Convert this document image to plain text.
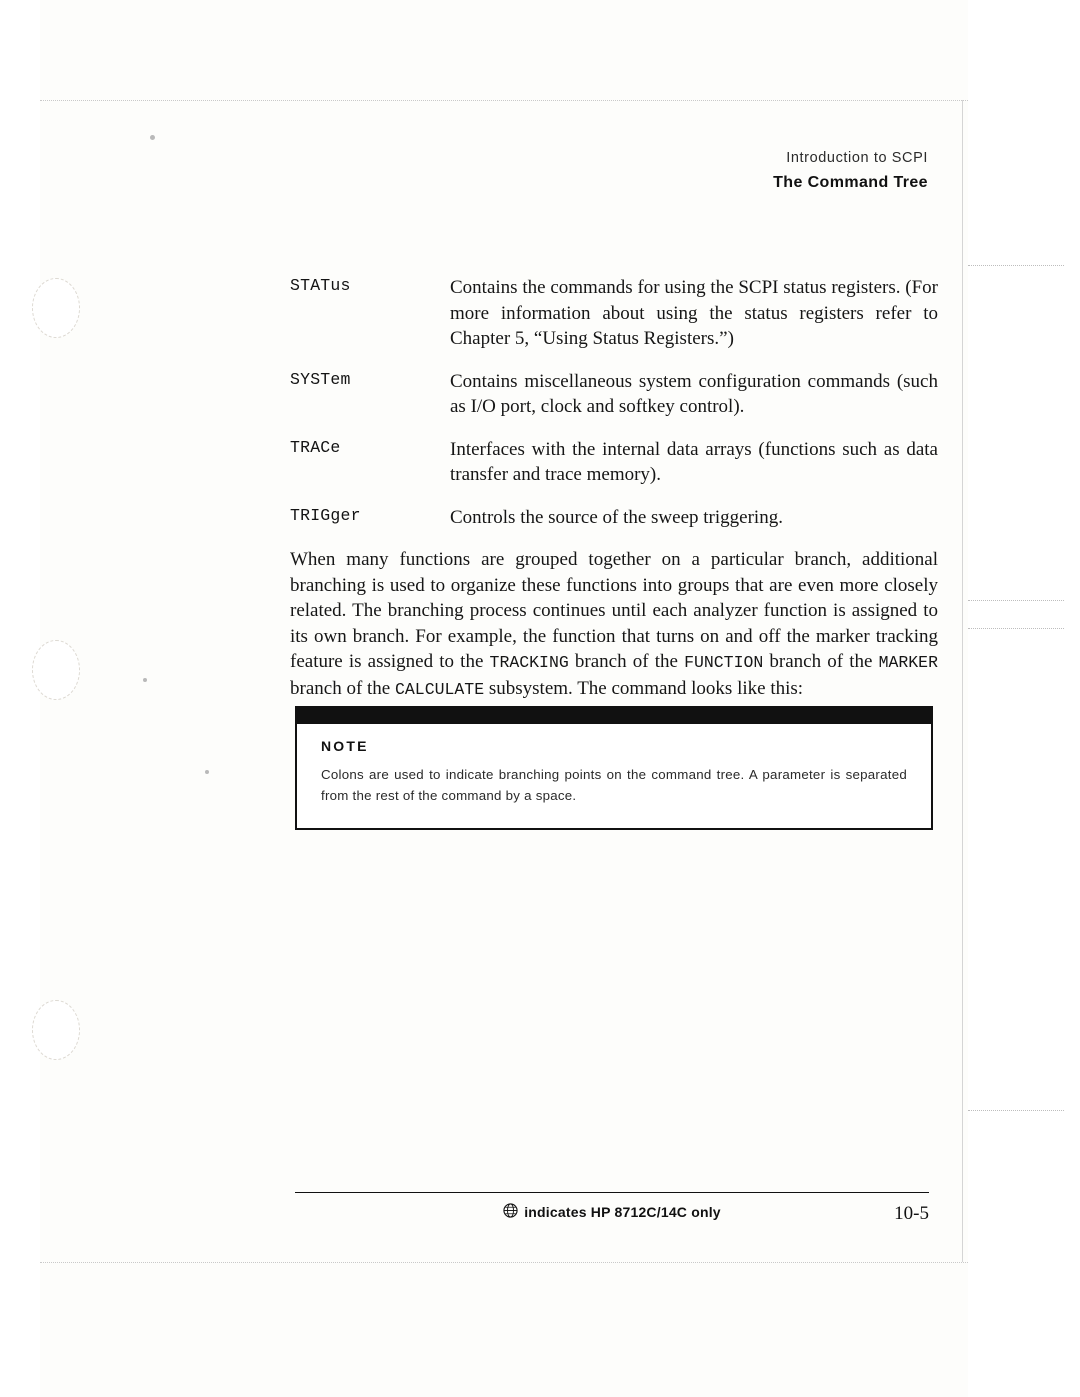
Introduction to SCPI
The Command Tree
STATus	Contains the commands for using the SCPI status registers. (For more information about using the status registers refer to Chapter 5, “Using Status Registers.”)
SYSTem	Contains miscellaneous system configuration commands (such as I/O port, clock and softkey control).
TRACe	Interfaces with the internal data arrays (functions such as data transfer and trace memory).
TRIGger	Controls the source of the sweep triggering.

When many functions are grouped together on a particular branch, additional branching is used to organize these functions into groups that are even more closely related. The branching process continues until each analyzer function is assigned to its own branch. For example, the function that turns on and off the marker tracking feature is assigned to the TRACKING branch of the FUNCTION branch of the MARKER branch of the CALCULATE subsystem. The command looks like this:

NOTE
Colons are used to indicate branching points on the command tree. A parameter is separated from the rest of the command by a space.
indicates HP 8712C/14C only	10-5
